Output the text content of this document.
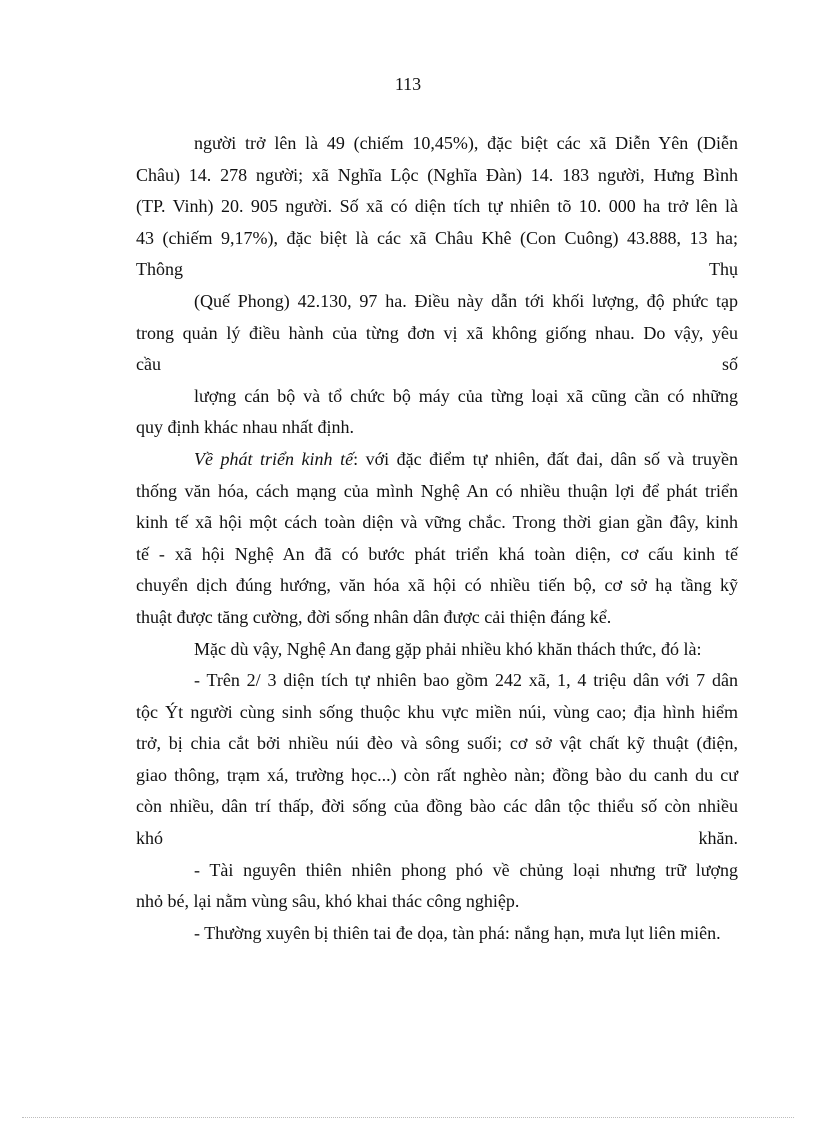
113
người trở lên là 49 (chiếm 10,45%), đặc biệt các xã Diễn Yên (Diễn
Châu) 14. 278 người; xã Nghĩa Lộc (Nghĩa Đàn) 14. 183 người, Hưng Bình
(TP. Vinh) 20. 905 người. Số xã có diện tích tự nhiên tõ 10. 000 ha trở lên là
43 (chiếm 9,17%), đặc biệt là các xã Châu Khê (Con Cuông) 43.888, 13 ha;
Thông	Thụ
(Quế Phong) 42.130, 97 ha. Điều này dẫn tới khối lượng, độ phức tạp
trong quản lý điều hành của từng đơn vị xã không giống nhau. Do vậy, yêu
cầu	số
lượng cán bộ và tổ chức bộ máy của từng loại xã cũng cần có những
quy định khác nhau nhất định.
Về phát triển kinh tế: với đặc điểm tự nhiên, đất đai, dân số và truyền
thống văn hóa, cách mạng của mình Nghệ An có nhiều thuận lợi để phát triển
kinh tế xã hội một cách toàn diện và vững chắc. Trong thời gian gần đây, kinh
tế - xã hội Nghệ An đã có bước phát triển khá toàn diện, cơ cấu kinh tế
chuyển dịch đúng hướng, văn hóa xã hội có nhiều tiến bộ, cơ sở hạ tầng kỹ
thuật được tăng cường, đời sống nhân dân được cải thiện đáng kể.
Mặc dù vậy, Nghệ An đang gặp phải nhiều khó khăn thách thức, đó là:
- Trên 2/ 3 diện tích tự nhiên bao gồm 242 xã, 1, 4 triệu dân với 7 dân
tộc Ýt người cùng sinh sống thuộc khu vực miền núi, vùng cao; địa hình hiểm
trở, bị chia cắt bởi nhiều núi đèo và sông suối; cơ sở vật chất kỹ thuật (điện,
giao thông, trạm xá, trường học...) còn rất nghèo nàn; đồng bào du canh du cư
còn nhiều, dân trí thấp, đời sống của đồng bào các dân tộc thiểu số còn nhiều
khó	khăn.
- Tài nguyên thiên nhiên phong phó về chủng loại nhưng trữ lượng
nhỏ bé, lại nằm vùng sâu, khó khai thác công nghiệp.
- Thường xuyên bị thiên tai đe dọa, tàn phá: nắng hạn, mưa lụt liên miên.
